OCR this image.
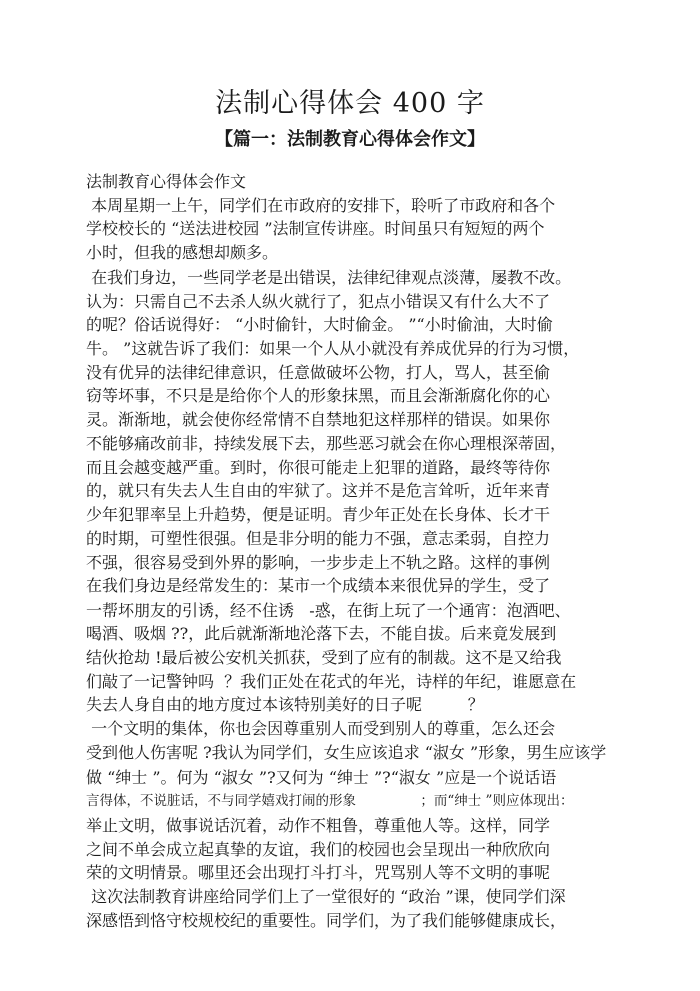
法制心得体会 400 字
【篇一：法制教育心得体会作文】

法制教育心得体会作文

本周星期一上午，同学们在市政府的安排下，聆听了市政府和各个

学校校长的 “送法进校园 ”法制宣传讲座。时间虽只有短短的两个

小时，但我的感想却颇多。

在我们身边，一些同学老是出错误，法律纪律观点淡薄，屡教不改。

认为：只需自己不去杀人纵火就行了，犯点小错误又有什么大不了

的呢？俗话说得好： “小时偷针，大时偷金。 ”“小时偷油，大时偷

牛。 ”这就告诉了我们：如果一个人从小就没有养成优异的行为习惯，

没有优异的法律纪律意识，任意做破坏公物，打人，骂人，甚至偷

窃等坏事，不只是是给你个人的形象抹黑，而且会渐渐腐化你的心

灵。渐渐地，就会使你经常情不自禁地犯这样那样的错误。如果你

不能够痛改前非，持续发展下去，那些恶习就会在你心理根深蒂固，

而且会越变越严重。到时，你很可能走上犯罪的道路，最终等待你

的，就只有失去人生自由的牢狱了。这并不是危言耸听，近年来青

少年犯罪率呈上升趋势，便是证明。青少年正处在长身体、长才干

的时期，可塑性很强。但是非分明的能力不强，意志柔弱，自控力

不强，很容易受到外界的影响，一步步走上不轨之路。这样的事例

在我们身边是经常发生的：某市一个成绩本来很优异的学生，受了

一帮坏朋友的引诱，经不住诱   -惑，在街上玩了一个通宵：泡酒吧、

喝酒、吸烟 ??，此后就渐渐地沦落下去，不能自拔。后来竟发展到

结伙抢劫 !最后被公安机关抓获，受到了应有的制裁。这不是又给我

们敲了一记警钟吗  ？我们正处在花式的年光，诗样的年纪，谁愿意在

失去人身自由的地方度过本该特别美好的日子呢         ？

一个文明的集体，你也会因尊重别人而受到别人的尊重，怎么还会

受到他人伤害呢 ?我认为同学们，女生应该追求 “淑女 ”形象，男生应该学

做 “绅士 ”。何为 “淑女 ”?又何为 “绅士 ”?“淑女 ”应是一个说话语

言得体，不说脏话，不与同学嬉戏打闹的形象               ；而“绅士 ”则应体现出：

举止文明，做事说话沉着，动作不粗鲁，尊重他人等。这样，同学

之间不单会成立起真挚的友谊，我们的校园也会呈现出一种欣欣向

荣的文明情景。哪里还会出现打斗打斗，咒骂别人等不文明的事呢

这次法制教育讲座给同学们上了一堂很好的 “政治 ”课，使同学们深

深感悟到恪守校规校纪的重要性。同学们，为了我们能够健康成长，
